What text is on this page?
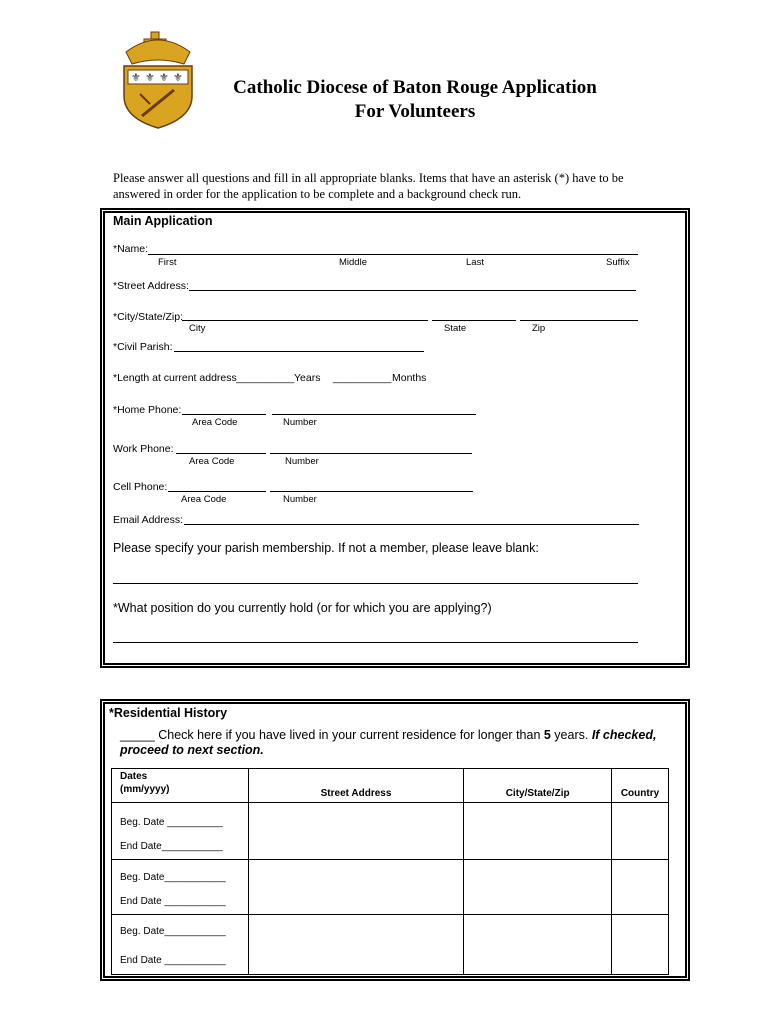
⚜ ⚜ ⚜ ⚜	Catholic Diocese of Baton Rouge Application
For Volunteers
Please answer all questions and fill in all appropriate blanks. Items that have an asterisk (*) have to be
answered in order for the application to be complete and a background check run.
Main Application
*Name:
First	Middle	Last	Suffix
*Street Address:
*City/State/Zip:
City	State	Zip
*Civil Parish:
*Length at current address __________ Years __________ Months
*Home Phone:
Area Code	Number
Work Phone:
Area Code	Number
Cell Phone:
Area Code	Number
Email Address:
Please specify your parish membership. If not a member, please leave blank:
*What position do you currently hold (or for which you are applying?)
*Residential History
_____ Check here if you have lived in your current residence for longer than 5 years. If checked,
proceed to next section.
Dates
(mm/yyyy)	Street Address	City/State/Zip	Country

Beg. Date __________
End Date___________			

Beg. Date___________
End Date ___________			

Beg. Date___________
End Date ___________			
